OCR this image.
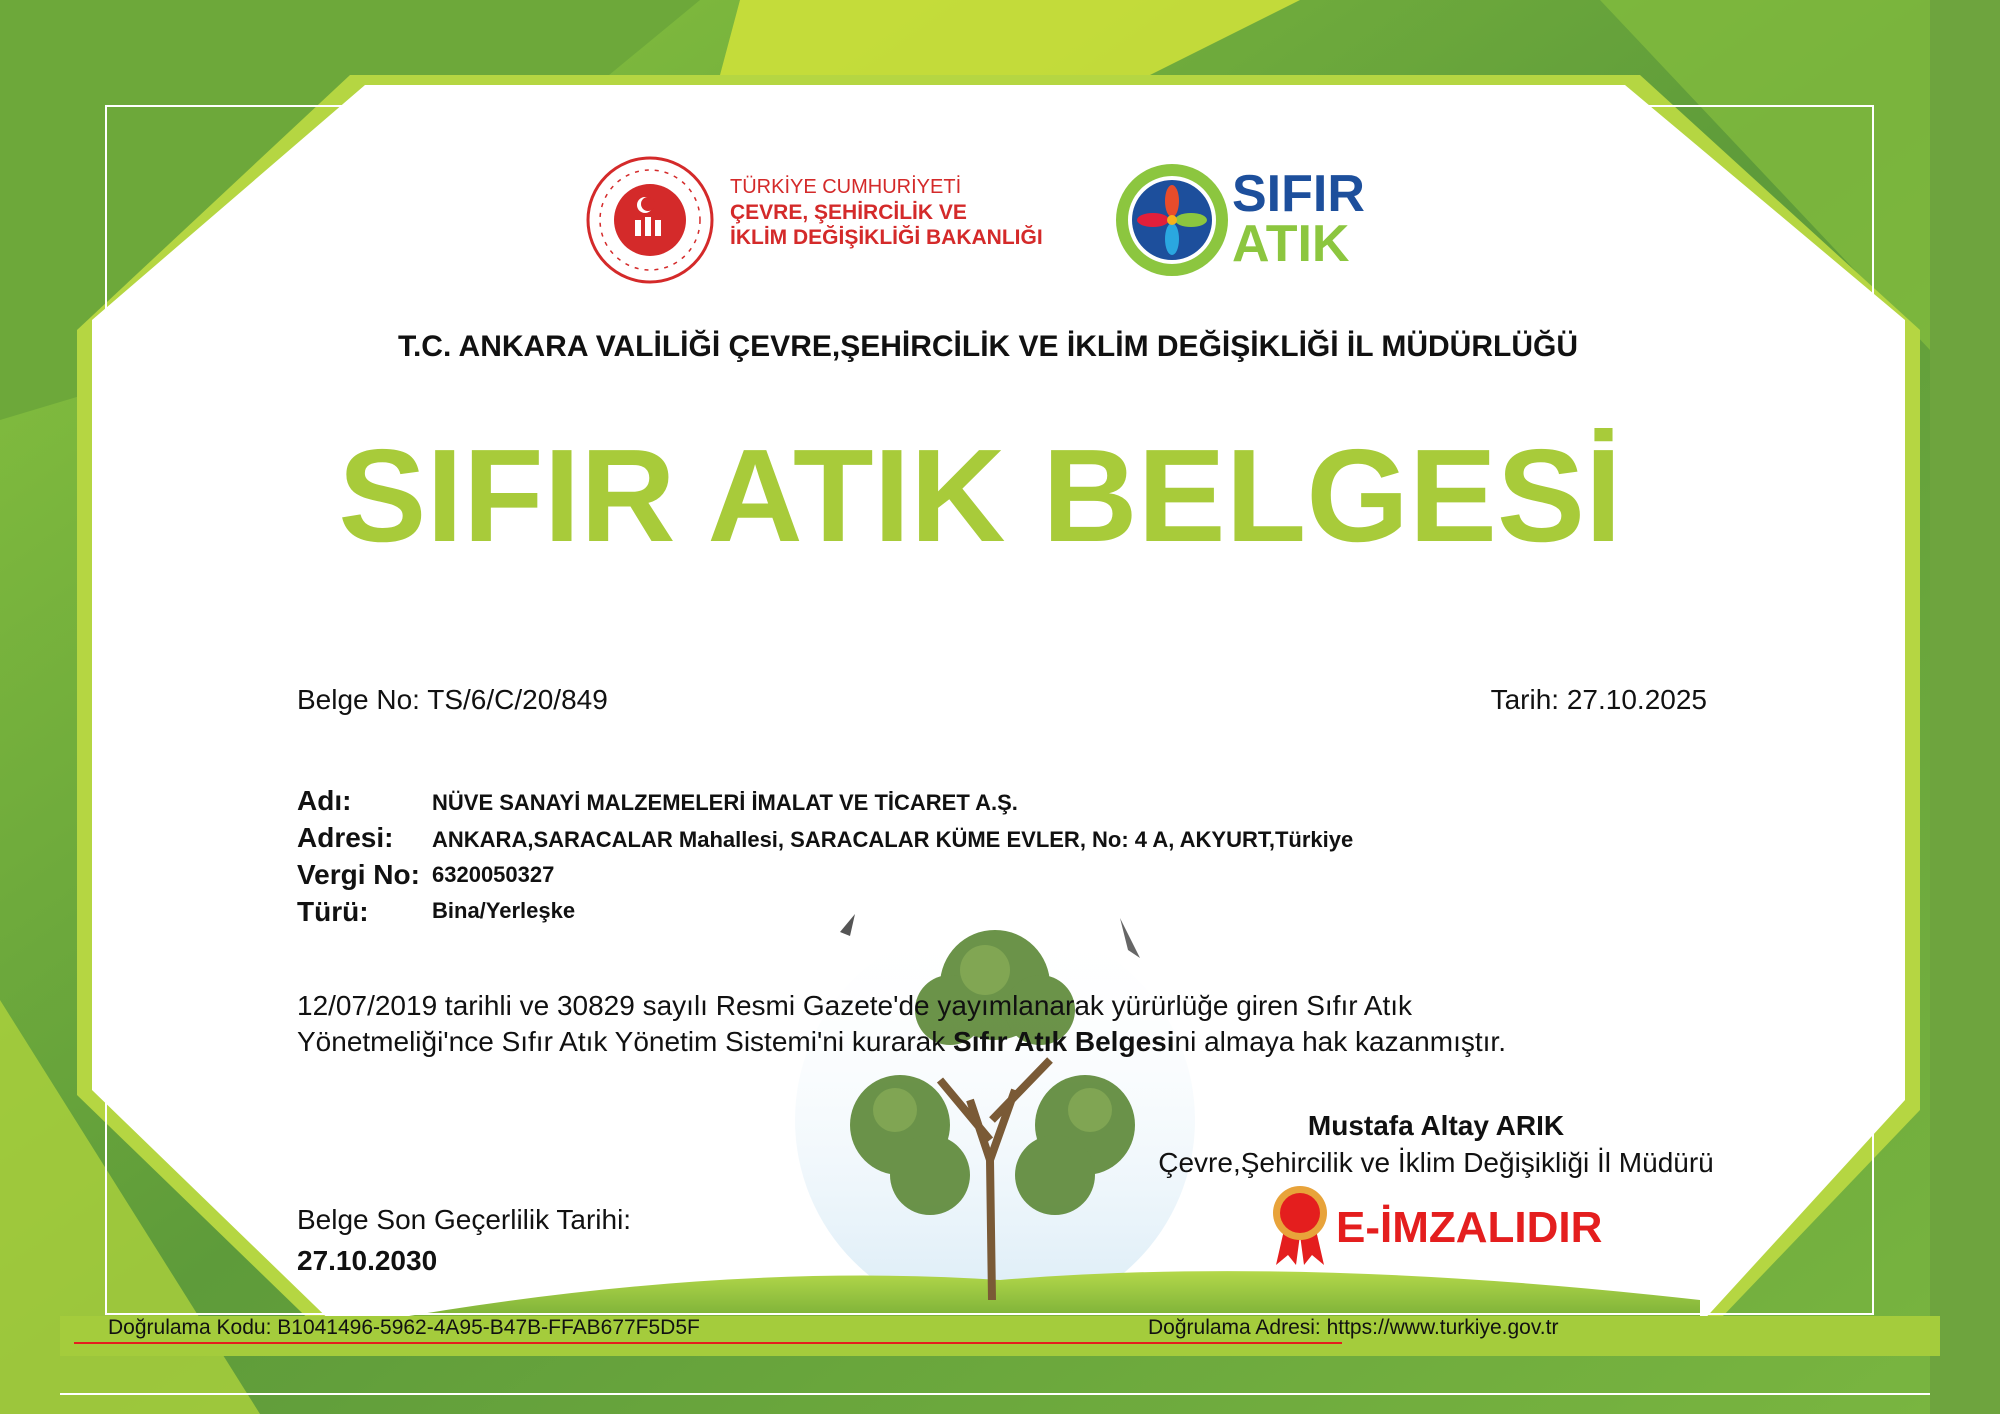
TÜRKİYE CUMHURİYETİ
ÇEVRE, ŞEHİRCİLİK VE
İKLİM DEĞİŞİKLİĞİ BAKANLIĞI
SIFIR
ATIK
T.C. ANKARA VALİLİĞİ ÇEVRE,ŞEHİRCİLİK VE İKLİM DEĞİŞİKLİĞİ İL MÜDÜRLÜĞÜ
SIFIR ATIK BELGESİ
Belge No: TS/6/C/20/849	Tarih: 27.10.2025
Adı:	NÜVE SANAYİ MALZEMELERİ İMALAT VE TİCARET A.Ş.
Adresi: ANKARA,SARACALAR Mahallesi, SARACALAR KÜME EVLER, No: 4 A, AKYURT,Türkiye
Vergi No: 6320050327
Türü:	Bina/Yerleşke
12/07/2019 tarihli ve 30829 sayılı Resmi Gazete'de yayımlanarak yürürlüğe giren Sıfır Atık
Yönetmeliği'nce Sıfır Atık Yönetim Sistemi'ni kurarak Sıfır Atık Belgesini almaya hak kazanmıştır.
Mustafa Altay ARIK
Çevre,Şehircilik ve İklim Değişikliği İl Müdürü
E-İMZALIDIR
Belge Son Geçerlilik Tarihi:
27.10.2030
Doğrulama Kodu: B1041496-5962-4A95-B47B-FFAB677F5D5F	Doğrulama Adresi: https://www.turkiye.gov.tr
